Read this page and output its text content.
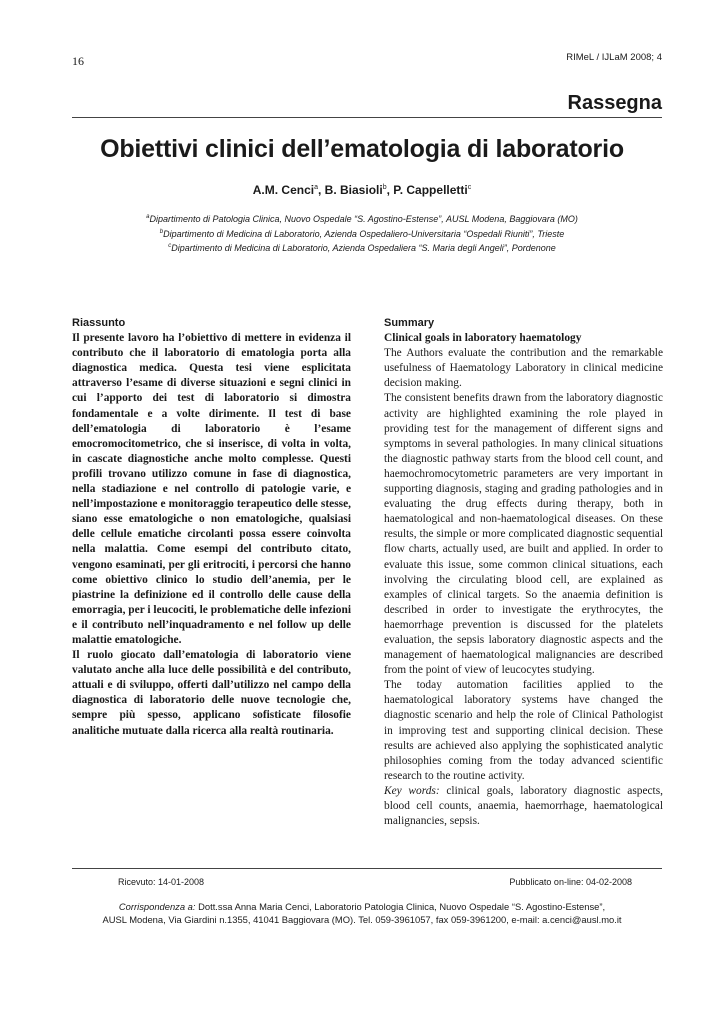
16	RIMeL / IJLaM 2008; 4
Rassegna
Obiettivi clinici dell’ematologia di laboratorio
A.M. Cenci$^a$, B. Biasioli$^b$, P. Cappelletti$^c$
$^a$Dipartimento di Patologia Clinica, Nuovo Ospedale “S. Agostino-Estense”, AUSL Modena, Baggiovara (MO)
$^b$Dipartimento di Medicina di Laboratorio, Azienda Ospedaliero-Universitaria “Ospedali Riuniti”, Trieste
$^c$Dipartimento di Medicina di Laboratorio, Azienda Ospedaliera “S. Maria degli Angeli”, Pordenone
Riassunto

Il presente lavoro ha l’obiettivo di mettere in evidenza il contributo che il laboratorio di ematologia porta alla diagnostica medica. Questa tesi viene esplicitata attraverso l’esame di diverse situazioni e segni clinici in cui l’apporto dei test di laboratorio si dimostra fondamentale e a volte dirimente. Il test di base dell’ematologia di laboratorio è l’esame emocromocitometrico, che si inserisce, di volta in volta, in cascate diagnostiche anche molto complesse. Questi profili trovano utilizzo comune in fase di diagnostica, nella stadiazione e nel controllo di patologie varie, e nell’impostazione e monitoraggio terapeutico delle stesse, siano esse ematologiche o non ematologiche, qualsiasi delle cellule ematiche circolanti possa essere coinvolta nella malattia. Come esempi del contributo citato, vengono esaminati, per gli eritrociti, i percorsi che hanno come obiettivo clinico lo studio dell’anemia, per le piastrine la definizione ed il controllo delle cause della emorragia, per i leucociti, le problematiche delle infezioni e il contributo nell’inquadramento e nel follow up delle malattie ematologiche.

Il ruolo giocato dall’ematologia di laboratorio viene valutato anche alla luce delle possibilità e del contributo, attuali e di sviluppo, offerti dall’utilizzo nel campo della diagnostica di laboratorio delle nuove tecnologie che, sempre più spesso, applicano sofisticate filosofie analitiche mutuate dalla ricerca alla realtà routinaria.

Summary
Clinical goals in laboratory haematology

The Authors evaluate the contribution and the remarkable usefulness of Haematology Laboratory in clinical medicine decision making.

The consistent benefits drawn from the laboratory diagnostic activity are highlighted examining the role played in providing test for the management of different signs and symptoms in several pathologies. In many clinical situations the diagnostic pathway starts from the blood cell count, and haemochromocytometric parameters are very important in supporting diagnosis, staging and grading pathologies and in evaluating the drug effects during therapy, both in haematological and non-haematological diseases. On these results, the simple or more complicated diagnostic sequential flow charts, actually used, are built and applied. In order to evaluate this issue, some common clinical situations, each involving the circulating blood cell, are explained as examples of clinical targets. So the anaemia definition is described in order to investigate the erythrocytes, the haemorrhage prevention is discussed for the platelets evaluation, the sepsis laboratory diagnostic aspects and the management of haematological malignancies are described from the point of view of leucocytes studying.

The today automation facilities applied to the haematological laboratory systems have changed the diagnostic scenario and help the role of Clinical Pathologist in improving test and supporting clinical decision. These results are achieved also applying the sophisticated analytic philosophies coming from the today advanced scientific research to the routine activity.

Key words: clinical goals, laboratory diagnostic aspects, blood cell counts, anaemia, haemorrhage, haematological malignancies, sepsis.

Ricevuto: 14-01-2008	Pubblicato on-line: 04-02-2008
Corrispondenza a: Dott.ssa Anna Maria Cenci, Laboratorio Patologia Clinica, Nuovo Ospedale “S. Agostino-Estense”,
AUSL Modena, Via Giardini n.1355, 41041 Baggiovara (MO). Tel. 059-3961057, fax 059-3961200, e-mail: a.cenci@ausl.mo.it
